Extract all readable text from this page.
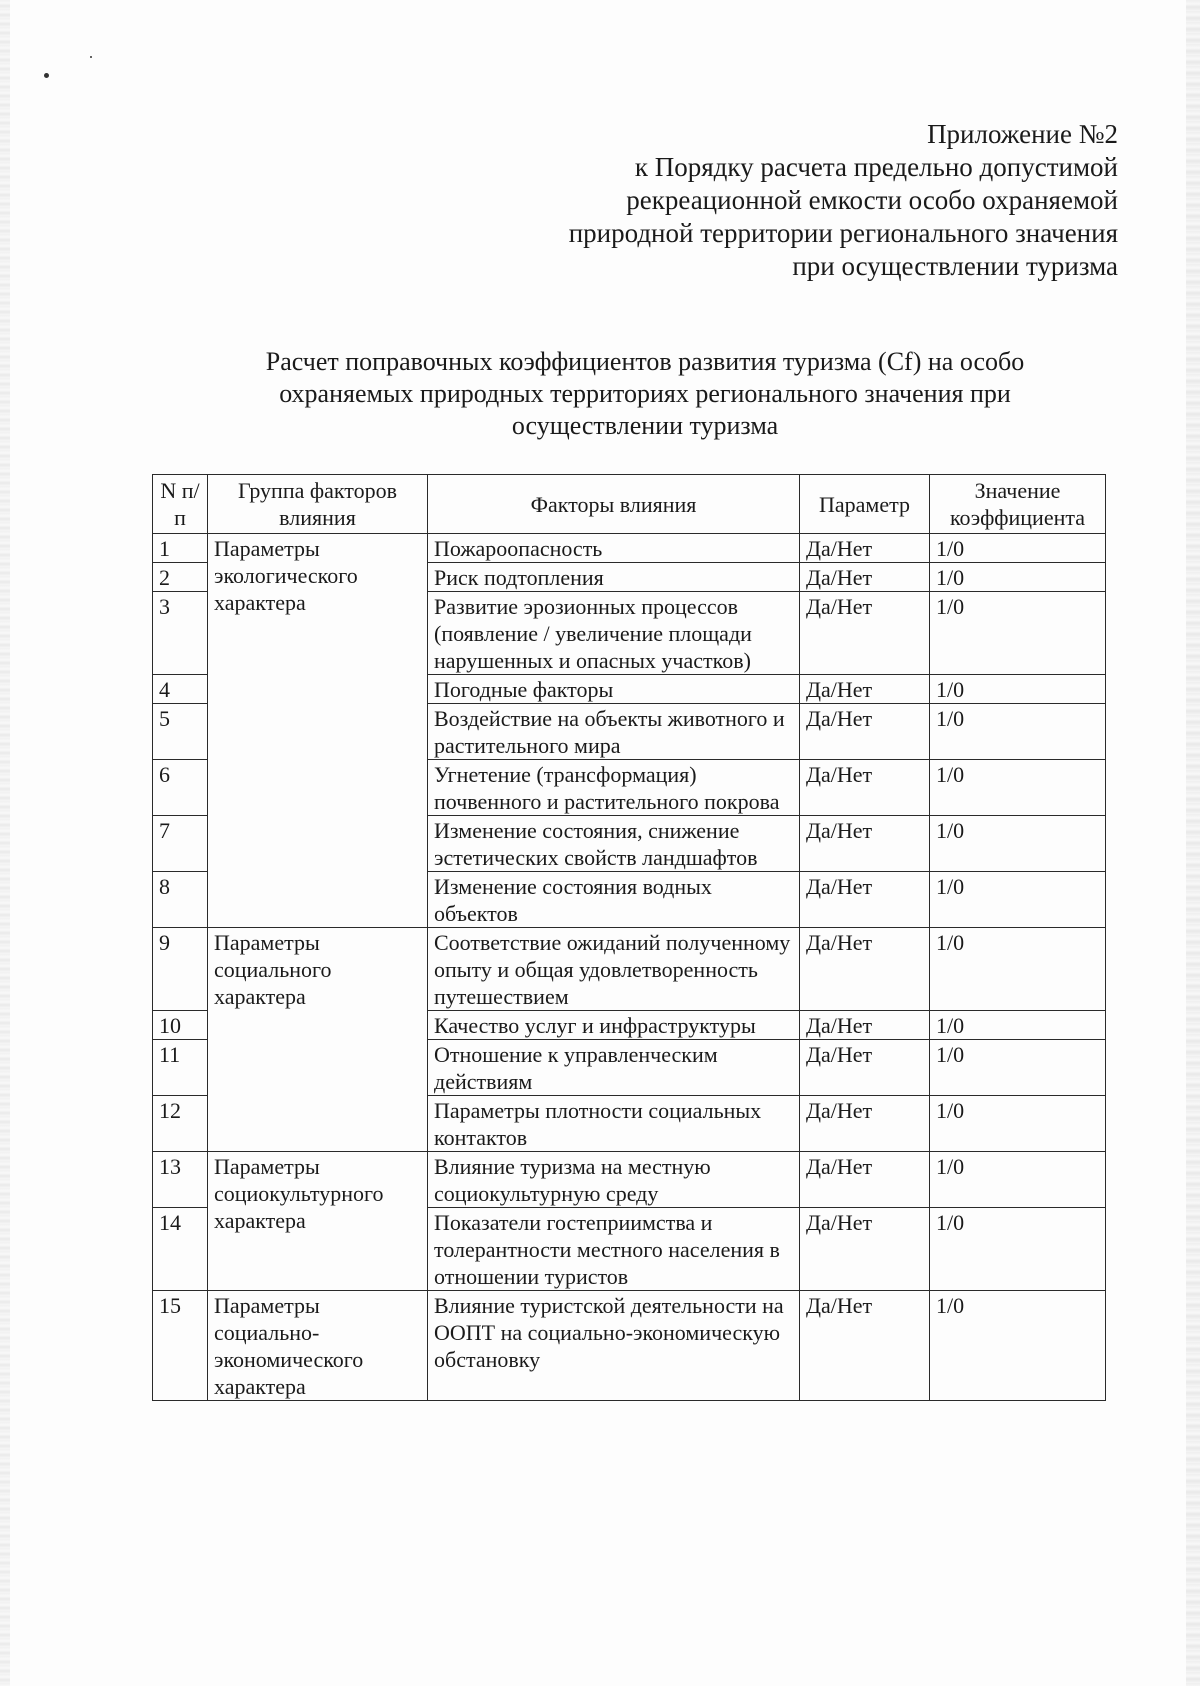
Приложение №2
к Порядку расчета предельно допустимой
рекреационной емкости особо охраняемой
природной территории регионального значения
при осуществлении туризма
Расчет поправочных коэффициентов развития туризма (Cf) на особо
охраняемых природных территориях регионального значения при
осуществлении туризма
N п/п	Группа факторов влияния	Факторы влияния	Параметр	Значение коэффициента
1	Параметры экологического характера	Пожароопасность	Да/Нет	1/0
2		Риск подтопления	Да/Нет	1/0
3		Развитие эрозионных процессов (появление / увеличение площади нарушенных и опасных участков)	Да/Нет	1/0
4		Погодные факторы	Да/Нет	1/0
5		Воздействие на объекты животного и растительного мира	Да/Нет	1/0
6		Угнетение (трансформация) почвенного и растительного покрова	Да/Нет	1/0
7		Изменение состояния, снижение эстетических свойств ландшафтов	Да/Нет	1/0
8		Изменение состояния водных объектов	Да/Нет	1/0
9	Параметры социального характера	Соответствие ожиданий полученному опыту и общая удовлетворенность путешествием	Да/Нет	1/0
10		Качество услуг и инфраструктуры	Да/Нет	1/0
11		Отношение к управленческим действиям	Да/Нет	1/0
12		Параметры плотности социальных контактов	Да/Нет	1/0
13	Параметры социокультурного характера	Влияние туризма на местную социокультурную среду	Да/Нет	1/0
14		Показатели гостеприимства и толерантности местного населения в отношении туристов	Да/Нет	1/0
15	Параметры социально-экономического характера	Влияние туристской деятельности на ООПТ на социально-экономическую обстановку	Да/Нет	1/0
